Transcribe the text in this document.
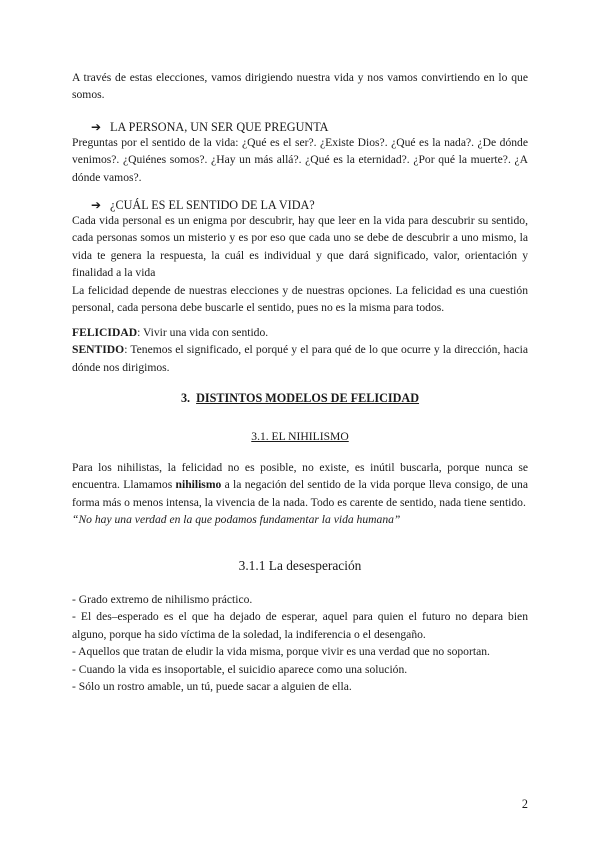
A través de estas elecciones, vamos dirigiendo nuestra vida y nos vamos convirtiendo en lo que somos.

➔ LA PERSONA, UN SER QUE PREGUNTA

Preguntas por el sentido de la vida: ¿Qué es el ser?. ¿Existe Dios?. ¿Qué es la nada?. ¿De dónde venimos?. ¿Quiénes somos?. ¿Hay un más allá?. ¿Qué es la eternidad?. ¿Por qué la muerte?. ¿A dónde vamos?.

➔ ¿CUÁL ES EL SENTIDO DE LA VIDA?

Cada vida personal es un enigma por descubrir, hay que leer en la vida para descubrir su sentido, cada personas somos un misterio y es por eso que cada uno se debe de descubrir a uno mismo, la vida te genera la respuesta, la cuál es individual y que dará significado, valor, orientación y finalidad a la vida

La felicidad depende de nuestras elecciones y de nuestras opciones. La felicidad es una cuestión personal, cada persona debe buscarle el sentido, pues no es la misma para todos.

FELICIDAD: Vivir una vida con sentido.

SENTIDO: Tenemos el significado, el porqué y el para qué de lo que ocurre y la dirección, hacia dónde nos dirigimos.

3. DISTINTOS MODELOS DE FELICIDAD
3.1. EL NIHILISMO

Para los nihilistas, la felicidad no es posible, no existe, es inútil buscarla, porque nunca se encuentra. Llamamos nihilismo a la negación del sentido de la vida porque lleva consigo, de una forma más o menos intensa, la vivencia de la nada. Todo es carente de sentido, nada tiene sentido.

“No hay una verdad en la que podamos fundamentar la vida humana”

3.1.1 La desesperación

- Grado extremo de nihilismo práctico.

- El des–esperado es el que ha dejado de esperar, aquel para quien el futuro no depara bien alguno, porque ha sido víctima de la soledad, la indiferencia o el desengaño.

- Aquellos que tratan de eludir la vida misma, porque vivir es una verdad que no soportan.

- Cuando la vida es insoportable, el suicidio aparece como una solución.

- Sólo un rostro amable, un tú, puede sacar a alguien de ella.

2
